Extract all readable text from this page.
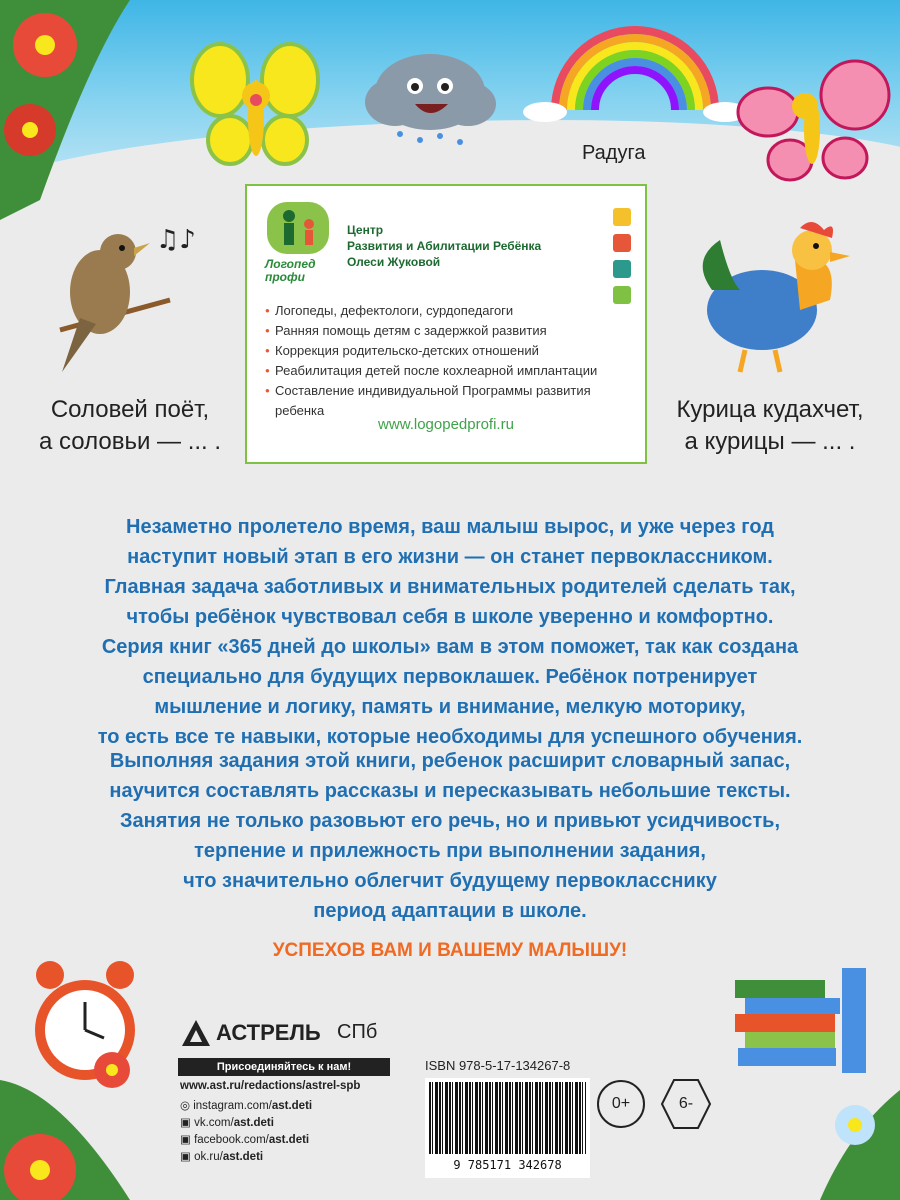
♫♪
Радуга
Соловей поёт,
а соловьи — ... .
Курица кудахчет,
а курицы — ... .
Логопед
профи
Центр
Развития и Абилитации Ребёнка
Олеси Жуковой
● Логопеды, дефектологи, сурдопедагоги
● Ранняя помощь детям с задержкой развития
● Коррекция родительско-детских отношений
● Реабилитация детей после кохлеарной имплантации
● Составление индивидуальной Программы развития ребенка
www.logopedprofi.ru
Незаметно пролетело время, ваш малыш вырос, и уже через год
наступит новый этап в его жизни — он станет первоклассником.
Главная задача заботливых и внимательных родителей сделать так,
чтобы ребёнок чувствовал себя в школе уверенно и комфортно.
Серия книг «365 дней до школы» вам в этом поможет, так как создана
специально для будущих первоклашек. Ребёнок потренирует
мышление и логику, память и внимание, мелкую моторику,
то есть все те навыки, которые необходимы для успешного обучения.
Выполняя задания этой книги, ребенок расширит словарный запас,
научится составлять рассказы и пересказывать небольшие тексты.
Занятия не только разовьют его речь, но и привьют усидчивость,
терпение и прилежность при выполнении задания,
что значительно облегчит будущему первокласснику
период адаптации в школе.
УСПЕХОВ ВАМ И ВАШЕМУ МАЛЫШУ!
АСТРЕЛЬ СПб
Присоединяйтесь к нам!
www.ast.ru/redactions/astrel-spb
◎ instagram.com/ast.deti
▣ vk.com/ast.deti
▣ facebook.com/ast.deti
▣ ok.ru/ast.deti
ISBN 978-5-17-134267-8
9 785171 342678
0+	6-
